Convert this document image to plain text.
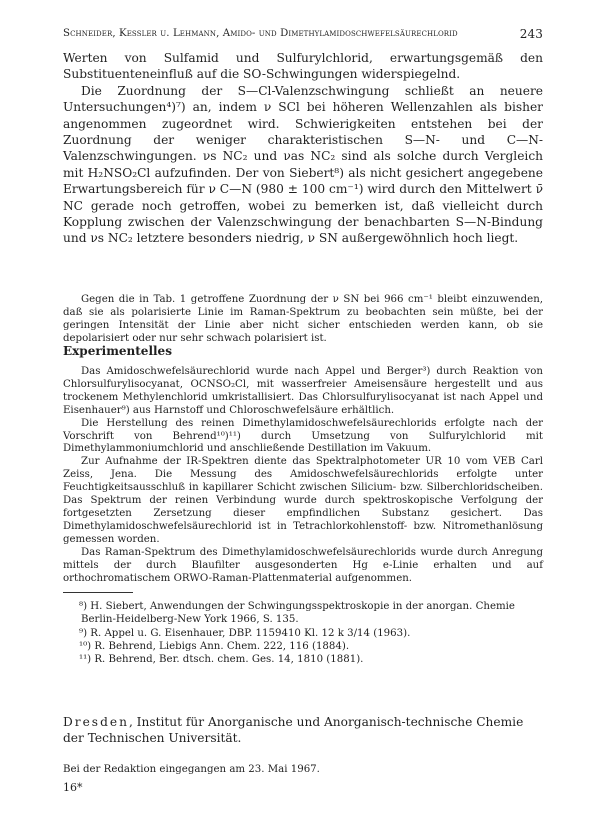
Schneider, Kessler u. Lehmann, Amido- und Dimethylamidoschwefelsäurechlorid	243

Werten von Sulfamid und Sulfurylchlorid, erwartungsgemäß den Substituenteneinfluß auf die SO-Schwingungen widerspiegelnd.

Die Zuordnung der S—Cl-Valenzschwingung schließt an neuere Untersuchungen⁴)⁷) an, indem ν SCl bei höheren Wellenzahlen als bisher angenommen zugeordnet wird. Schwierigkeiten entstehen bei der Zuordnung der weniger charakteristischen S—N- und C—N-Valenzschwingungen. νs NC₂ und νas NC₂ sind als solche durch Vergleich mit H₂NSO₂Cl aufzufinden. Der von Siebert⁸) als nicht gesichert angegebene Erwartungsbereich für ν C—N (980 ± 100 cm⁻¹) wird durch den Mittelwert ν̄ NC gerade noch getroffen, wobei zu bemerken ist, daß vielleicht durch Kopplung zwischen der Valenzschwingung der benachbarten S—N-Bindung und νs NC₂ letztere besonders niedrig, ν SN außergewöhnlich hoch liegt.

Gegen die in Tab. 1 getroffene Zuordnung der ν SN bei 966 cm⁻¹ bleibt einzuwenden, daß sie als polarisierte Linie im Raman-Spektrum zu beobachten sein müßte, bei der geringen Intensität der Linie aber nicht sicher entschieden werden kann, ob sie depolarisiert oder nur sehr schwach polarisiert ist.

Experimentelles

Das Amidoschwefelsäurechlorid wurde nach Appel und Berger³) durch Reaktion von Chlorsulfurylisocyanat, OCNSO₂Cl, mit wasserfreier Ameisensäure hergestellt und aus trockenem Methylenchlorid umkristallisiert. Das Chlorsulfurylisocyanat ist nach Appel und Eisenhauer⁹) aus Harnstoff und Chloroschwefelsäure erhältlich.

Die Herstellung des reinen Dimethylamidoschwefelsäurechlorids erfolgte nach der Vorschrift von Behrend¹⁰)¹¹) durch Umsetzung von Sulfurylchlorid mit Dimethylammoniumchlorid und anschließende Destillation im Vakuum.

Zur Aufnahme der IR-Spektren diente das Spektralphotometer UR 10 vom VEB Carl Zeiss, Jena. Die Messung des Amidoschwefelsäurechlorids erfolgte unter Feuchtigkeitsausschluß in kapillarer Schicht zwischen Silicium- bzw. Silberchloridscheiben. Das Spektrum der reinen Verbindung wurde durch spektroskopische Verfolgung der fortgesetzten Zersetzung dieser empfindlichen Substanz gesichert. Das Dimethylamidoschwefelsäurechlorid ist in Tetrachlorkohlenstoff- bzw. Nitromethanlösung gemessen worden.

Das Raman-Spektrum des Dimethylamidoschwefelsäurechlorids wurde durch Anregung mittels der durch Blaufilter ausgesonderten Hg e-Linie erhalten und auf orthochromatischem ORWO-Raman-Plattenmaterial aufgenommen.

⁸) H. Siebert, Anwendungen der Schwingungsspektroskopie in der anorgan. Chemie Berlin-Heidelberg-New York 1966, S. 135.

⁹) R. Appel u. G. Eisenhauer, DBP. 1159410 Kl. 12 k 3/14 (1963).

¹⁰) R. Behrend, Liebigs Ann. Chem. 222, 116 (1884).

¹¹) R. Behrend, Ber. dtsch. chem. Ges. 14, 1810 (1881).

Dresden, Institut für Anorganische und Anorganisch-technische Chemie der Technischen Universität.
Bei der Redaktion eingegangen am 23. Mai 1967.
16*
